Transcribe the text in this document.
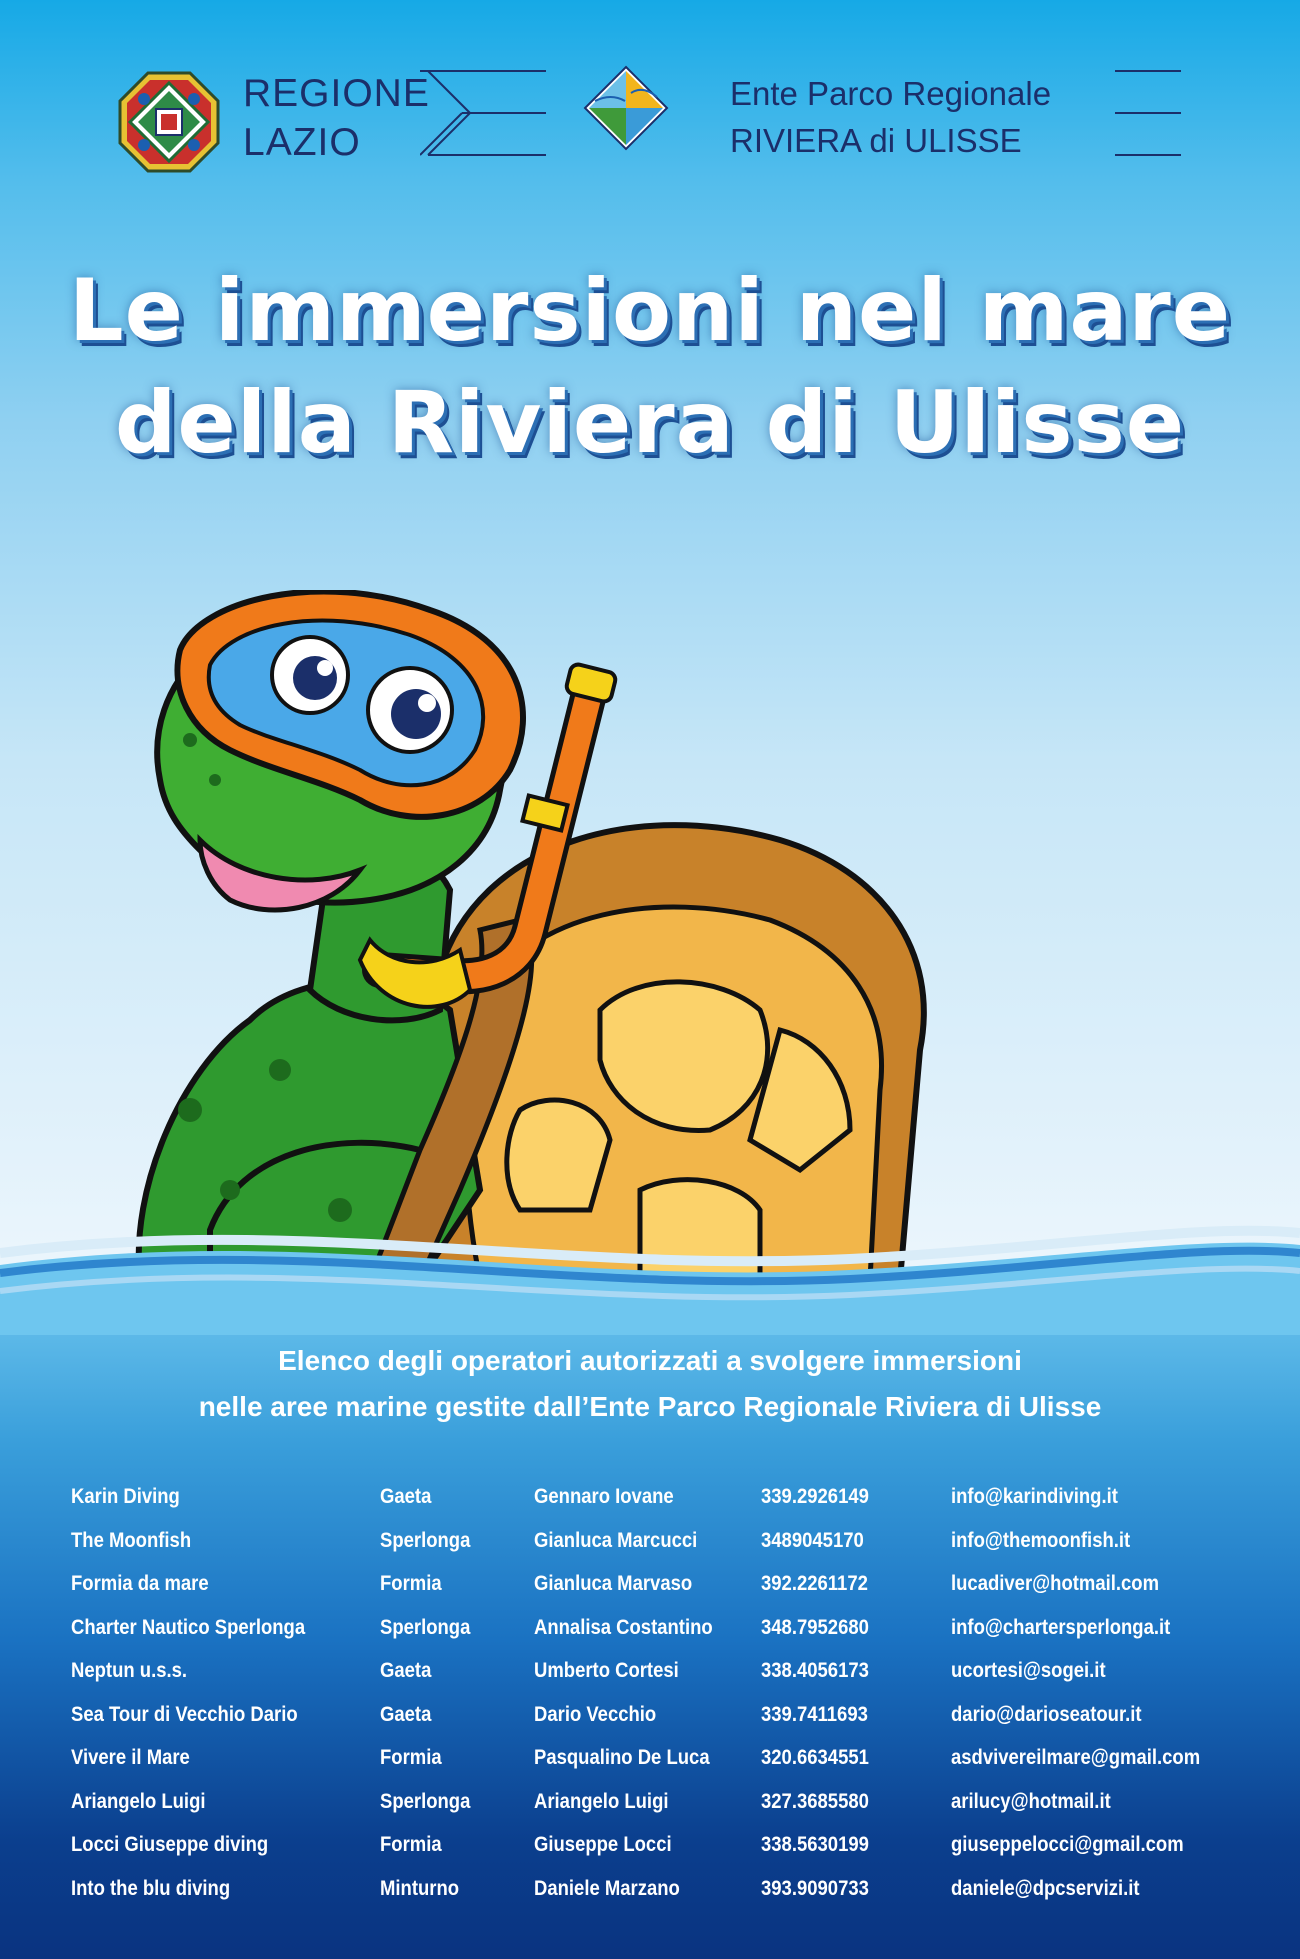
REGIONE
LAZIO
Ente Parco Regionale
RIVIERA di ULISSE
Le immersioni nel mare
della Riviera di Ulisse
Elenco degli operatori autorizzati a svolgere immersioni
nelle aree marine gestite dall’Ente Parco Regionale Riviera di Ulisse
Karin Diving	Gaeta	Gennaro Iovane	339.2926149	info@karindiving.it
The Moonfish	Sperlonga	Gianluca Marcucci	3489045170	info@themoonfish.it
Formia da mare	Formia	Gianluca Marvaso	392.2261172	lucadiver@hotmail.com
Charter Nautico Sperlonga	Sperlonga	Annalisa Costantino 348.7952680	info@chartersperlonga.it
Neptun u.s.s.	Gaeta	Umberto Cortesi	338.4056173	ucortesi@sogei.it
Sea Tour di Vecchio Dario	Gaeta	Dario Vecchio	339.7411693	dario@darioseatour.it
Vivere il Mare	Formia	Pasqualino De Luca 320.6634551	asdvivereilmare@gmail.com
Ariangelo Luigi	Sperlonga	Ariangelo Luigi	327.3685580	arilucy@hotmail.it
Locci Giuseppe diving	Formia	Giuseppe Locci	338.5630199	giuseppelocci@gmail.com
Into the blu diving	Minturno	Daniele Marzano	393.9090733	daniele@dpcservizi.it
